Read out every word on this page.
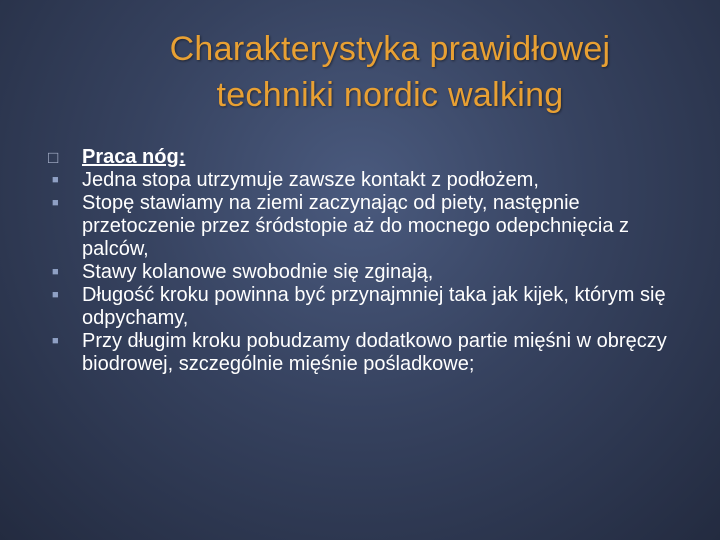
Charakterystyka prawidłowej
techniki nordic walking
□	Praca nóg:
■	Jedna stopa utrzymuje zawsze kontakt z podłożem,
■	Stopę stawiamy na ziemi zaczynając od piety, następnie przetoczenie przez śródstopie aż do mocnego odepchnięcia z palców,
■	Stawy kolanowe swobodnie się zginają,
■	Długość kroku powinna być przynajmniej taka jak kijek, którym się odpychamy,
■	Przy długim kroku pobudzamy dodatkowo partie mięśni w obręczy biodrowej, szczególnie mięśnie pośladkowe;
